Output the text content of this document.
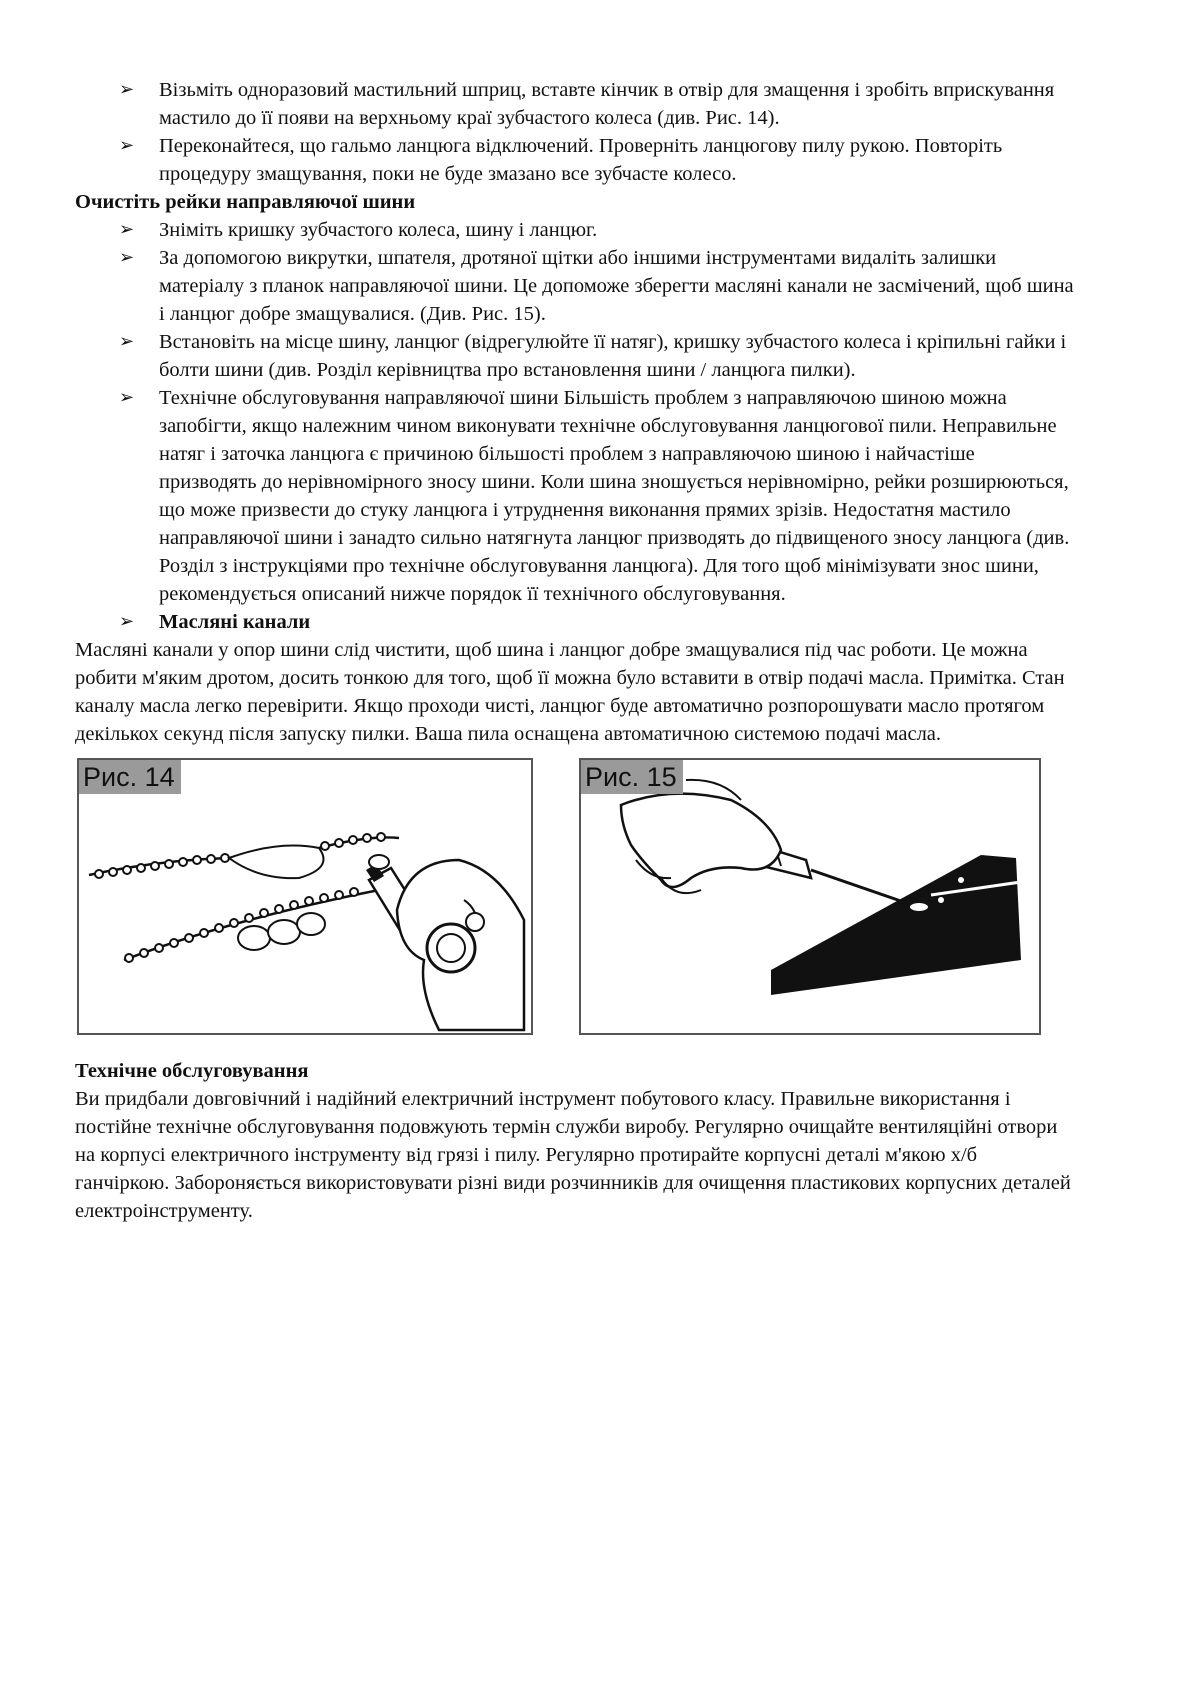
➢ Візьміть одноразовий мастильний шприц, вставте кінчик в отвір для змащення і зробіть вприскування мастило до її появи на верхньому краї зубчастого колеса (див. Рис. 14).
➢ Переконайтеся, що гальмо ланцюга відключений. Проверніть ланцюгову пилу рукою. Повторіть процедуру змащування, поки не буде змазано все зубчасте колесо.

Очистіть рейки направляючої шини

➢ Зніміть кришку зубчастого колеса, шину і ланцюг.
➢ За допомогою викрутки, шпателя, дротяної щітки або іншими інструментами видаліть залишки матеріалу з планок направляючої шини. Це допоможе зберегти масляні канали не засмічений, щоб шина і ланцюг добре змащувалися. (Див. Рис. 15).
➢ Встановіть на місце шину, ланцюг (відрегулюйте її натяг), кришку зубчастого колеса і кріпильні гайки і болти шини (див. Розділ керівництва про встановлення шини / ланцюга пилки).
➢ Технічне обслуговування направляючої шини Більшість проблем з направляючою шиною можна запобігти, якщо належним чином виконувати технічне обслуговування ланцюгової пили. Неправильне натяг і заточка ланцюга є причиною більшості проблем з направляючою шиною і найчастіше призводять до нерівномірного зносу шини. Коли шина зношується нерівномірно, рейки розширюються, що може призвести до стуку ланцюга і утруднення виконання прямих зрізів. Недостатня мастило направляючої шини і занадто сильно натягнута ланцюг призводять до підвищеного зносу ланцюга (див. Розділ з інструкціями про технічне обслуговування ланцюга). Для того щоб мінімізувати знос шини, рекомендується описаний нижче порядок її технічного обслуговування.
➢ Масляні канали

Масляні канали у опор шини слід чистити, щоб шина і ланцюг добре змащувалися під час роботи. Це можна робити м'яким дротом, досить тонкою для того, щоб її можна було вставити в отвір подачі масла. Примітка. Стан каналу масла легко перевірити. Якщо проходи чисті, ланцюг буде автоматично розпорошувати масло протягом декількох секунд після запуску пилки. Ваша пила оснащена автоматичною системою подачі масла.

Рис. 14	Рис. 15

Технічне обслуговування

Ви придбали довговічний і надійний електричний інструмент побутового класу. Правильне використання і постійне технічне обслуговування подовжують термін служби виробу. Регулярно очищайте вентиляційні отвори на корпусі електричного інструменту від грязі і пилу. Регулярно протирайте корпусні деталі м'якою х/б ганчіркою. Забороняється використовувати різні види розчинників для очищення пластикових корпусних деталей електроінструменту.
